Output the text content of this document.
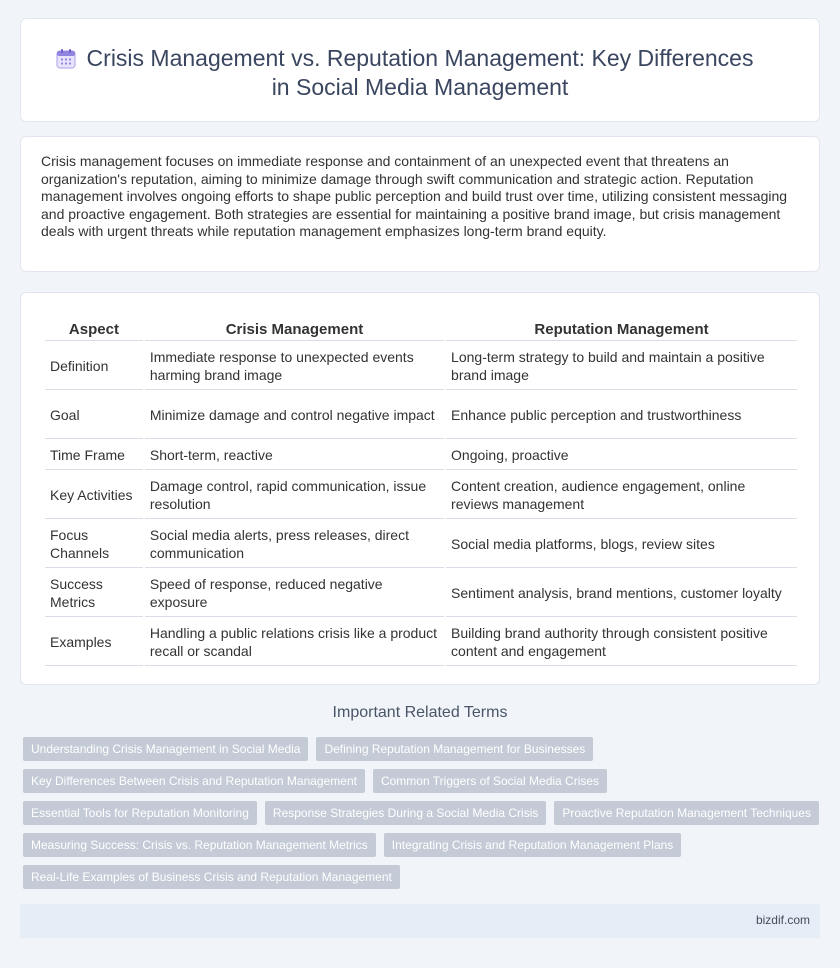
Crisis Management vs. Reputation Management: Key Differences
in Social Media Management

Crisis management focuses on immediate response and containment of an unexpected event that threatens an organization's reputation, aiming to minimize damage through swift communication and strategic action. Reputation management involves ongoing efforts to shape public perception and build trust over time, utilizing consistent messaging and proactive engagement. Both strategies are essential for maintaining a positive brand image, but crisis management deals with urgent threats while reputation management emphasizes long-term brand equity.

Aspect	Crisis Management	Reputation Management
Definition	Immediate response to unexpected events harming brand image	Long-term strategy to build and maintain a positive brand image
Goal	Minimize damage and control negative impact	Enhance public perception and trustworthiness
Time Frame	Short-term, reactive	Ongoing, proactive
Key Activities	Damage control, rapid communication, issue resolution	Content creation, audience engagement, online reviews management
Focus Channels	Social media alerts, press releases, direct communication	Social media platforms, blogs, review sites
Success Metrics	Speed of response, reduced negative exposure	Sentiment analysis, brand mentions, customer loyalty
Examples	Handling a public relations crisis like a product recall or scandal	Building brand authority through consistent positive content and engagement
Important Related Terms
Understanding Crisis Management in Social Media	Defining Reputation Management for Businesses
Key Differences Between Crisis and Reputation Management	Common Triggers of Social Media Crises
Essential Tools for Reputation Monitoring	Response Strategies During a Social Media Crisis	Proactive Reputation Management Techniques
Measuring Success: Crisis vs. Reputation Management Metrics	Integrating Crisis and Reputation Management Plans
Real-Life Examples of Business Crisis and Reputation Management
bizdif.com
